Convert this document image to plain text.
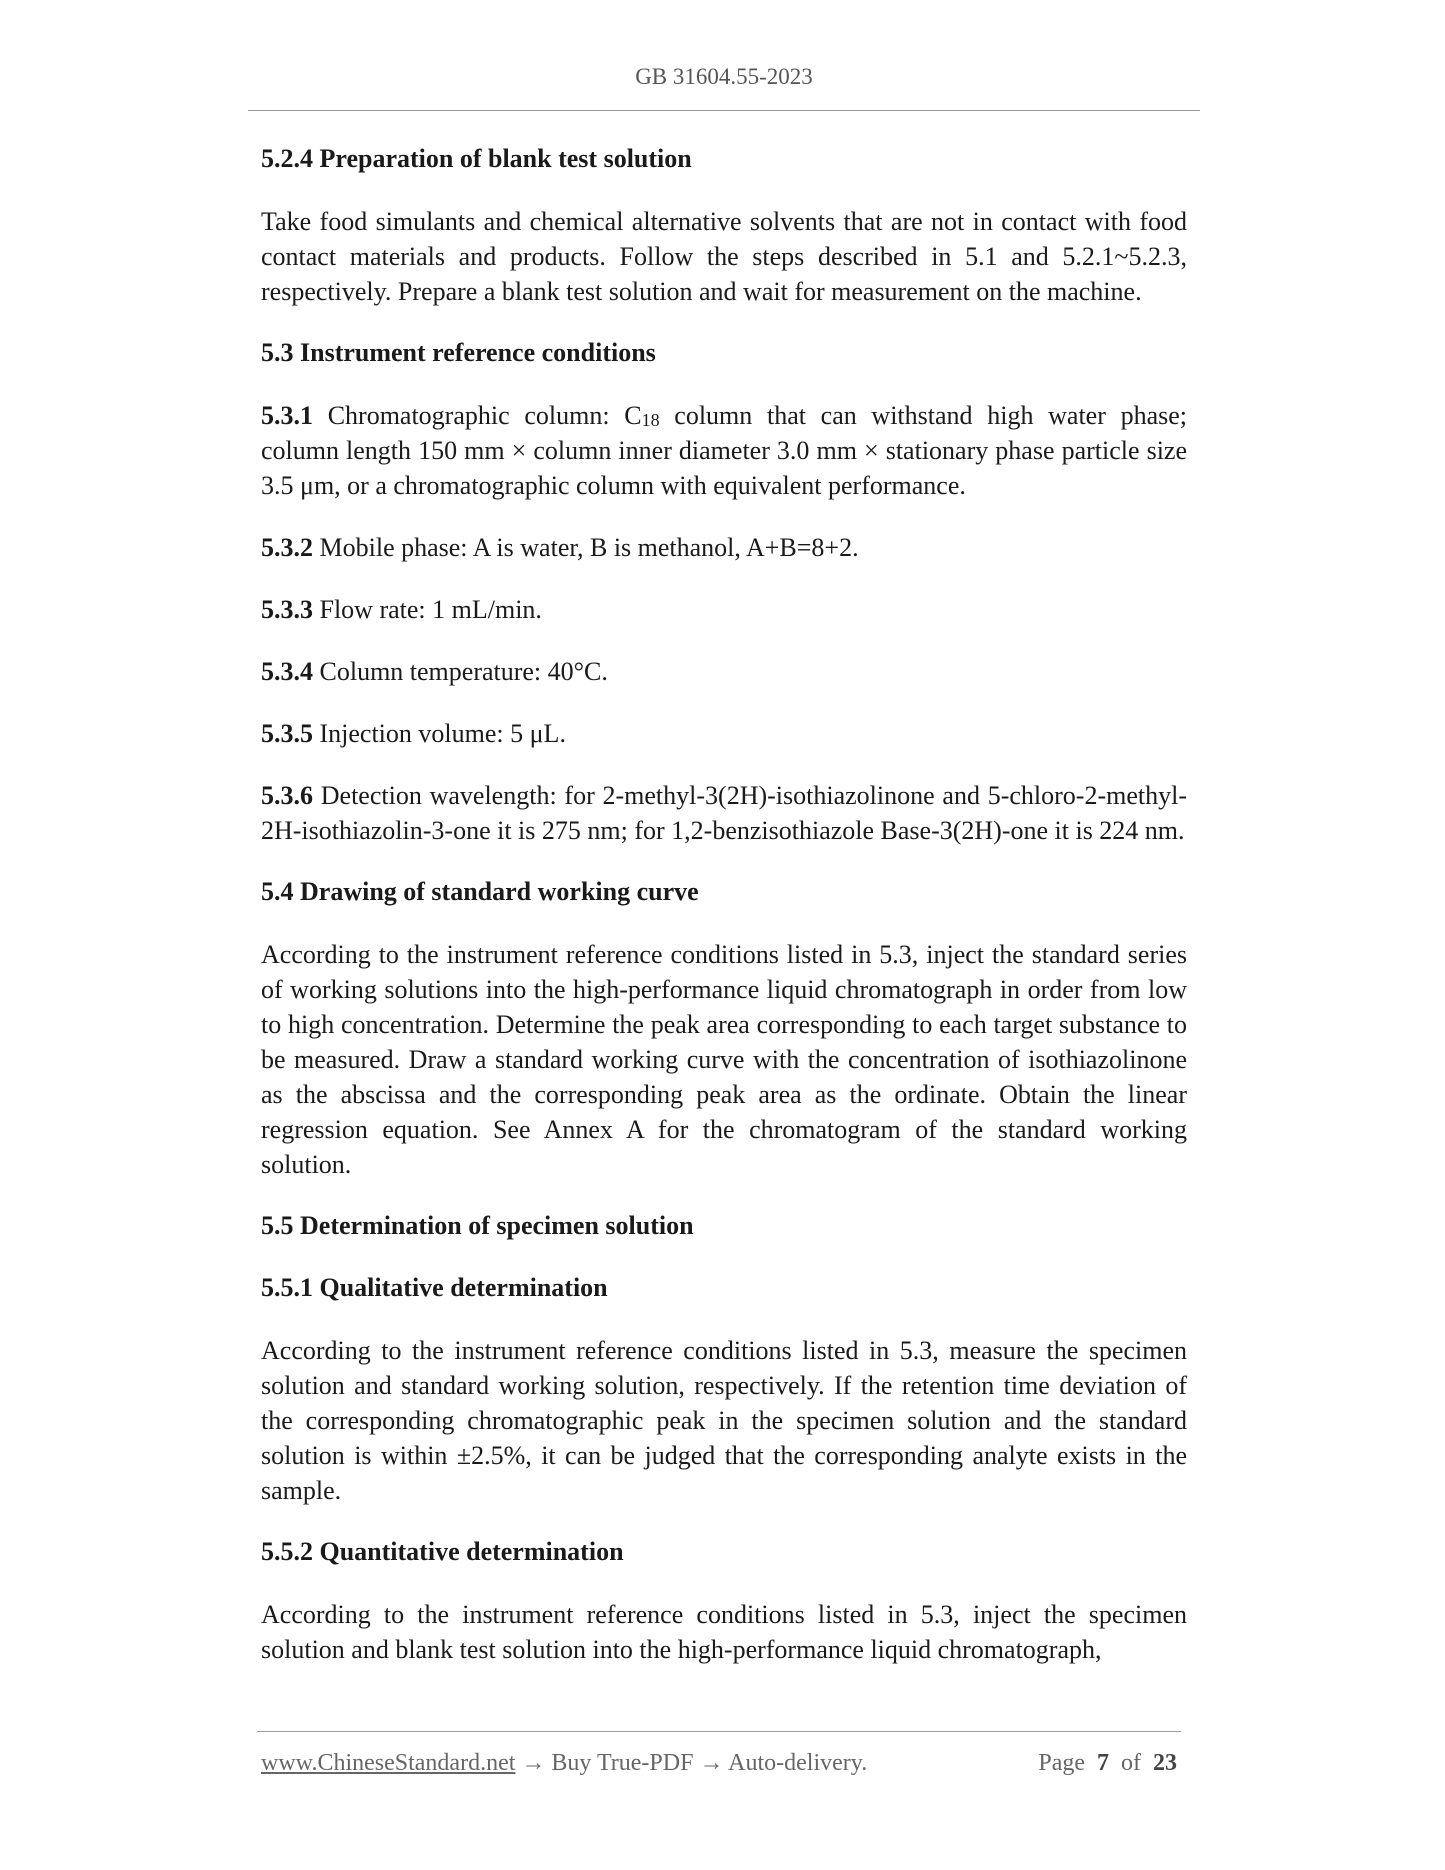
GB 31604.55-2023
5.2.4 Preparation of blank test solution
Take food simulants and chemical alternative solvents that are not in contact with food contact materials and products. Follow the steps described in 5.1 and 5.2.1~5.2.3, respectively. Prepare a blank test solution and wait for measurement on the machine.
5.3 Instrument reference conditions
5.3.1 Chromatographic column: $C_{18}$ column that can withstand high water phase; column length 150 mm × column inner diameter 3.0 mm × stationary phase particle size 3.5 μm, or a chromatographic column with equivalent performance.
5.3.2 Mobile phase: A is water, B is methanol, A+B=8+2.
5.3.3 Flow rate: 1 mL/min.
5.3.4 Column temperature: 40°C.
5.3.5 Injection volume: 5 μL.
5.3.6 Detection wavelength: for 2-methyl-3(2H)-isothiazolinone and 5-chloro-2-methyl-2H-isothiazolin-3-one it is 275 nm; for 1,2-benzisothiazole Base-3(2H)-one it is 224 nm.
5.4 Drawing of standard working curve
According to the instrument reference conditions listed in 5.3, inject the standard series of working solutions into the high-performance liquid chromatograph in order from low to high concentration. Determine the peak area corresponding to each target substance to be measured. Draw a standard working curve with the concentration of isothiazolinone as the abscissa and the corresponding peak area as the ordinate. Obtain the linear regression equation. See Annex A for the chromatogram of the standard working solution.
5.5 Determination of specimen solution
5.5.1 Qualitative determination
According to the instrument reference conditions listed in 5.3, measure the specimen solution and standard working solution, respectively. If the retention time deviation of the corresponding chromatographic peak in the specimen solution and the standard solution is within ±2.5%, it can be judged that the corresponding analyte exists in the sample.
5.5.2 Quantitative determination
According to the instrument reference conditions listed in 5.3, inject the specimen solution and blank test solution into the high-performance liquid chromatograph,
www.ChineseStandard.net → Buy True-PDF → Auto-delivery.	Page 7 of 23
